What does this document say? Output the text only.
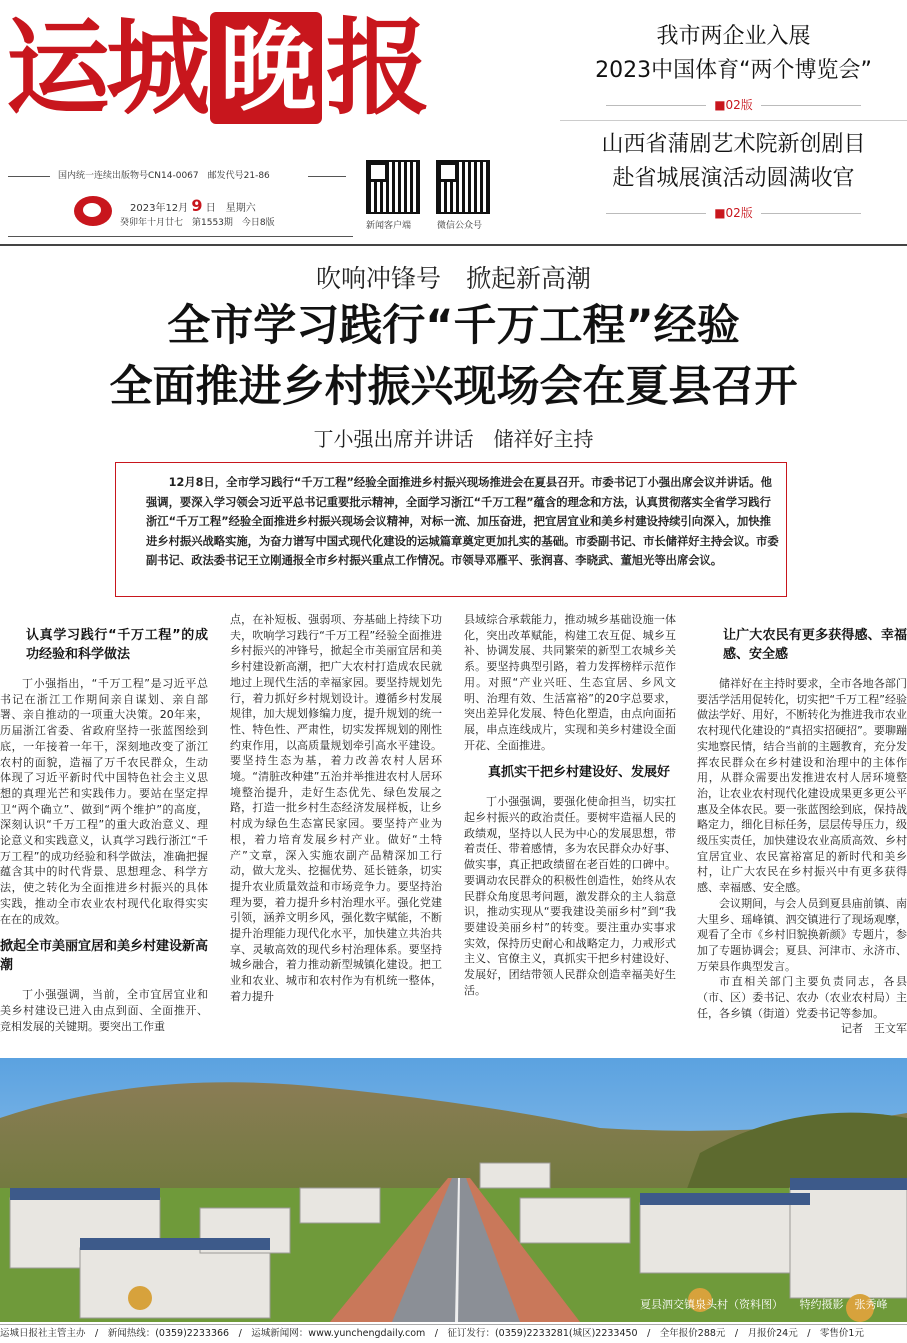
运 城 晚 报
国内统一连续出版物号CN14-0067　邮发代号21-86
2023年12月 9 日　星期六
癸卯年十月廿七　第1553期　今日8版	新闻客户端	微信公众号
我市两企业入展
2023中国体育“两个博览会”
■02版
山西省蒲剧艺术院新创剧目
赴省城展演活动圆满收官
■02版
吹响冲锋号　掀起新高潮
全市学习践行“千万工程”经验
全面推进乡村振兴现场会在夏县召开
丁小强出席并讲话　储祥好主持

12月8日，全市学习践行“千万工程”经验全面推进乡村振兴现场推进会在夏县召开。市委书记丁小强出席会议并讲话。他强调，要深入学习领会习近平总书记重要批示精神，全面学习浙江“千万工程”蕴含的理念和方法，认真贯彻落实全省学习践行浙江“千万工程”经验全面推进乡村振兴现场会议精神，对标一流、加压奋进，把宜居宜业和美乡村建设持续引向深入，加快推进乡村振兴战略实施，为奋力谱写中国式现代化建设的运城篇章奠定更加扎实的基础。市委副书记、市长储祥好主持会议。市委副书记、政法委书记王立刚通报全市乡村振兴重点工作情况。市领导邓雁平、张润喜、李晓武、董旭光等出席会议。

认真学习践行“千万工程”的成功经验和科学做法

丁小强指出，“千万工程”是习近平总书记在浙江工作期间亲自谋划、亲自部署、亲自推动的一项重大决策。20年来，历届浙江省委、省政府坚持一张蓝图绘到底，一年接着一年干，深刻地改变了浙江农村的面貌，造福了万千农民群众，生动体现了习近平新时代中国特色社会主义思想的真理光芒和实践伟力。要站在坚定捍卫“两个确立”、做到“两个维护”的高度，深刻认识“千万工程”的重大政治意义、理论意义和实践意义，认真学习践行浙江“千万工程”的成功经验和科学做法，准确把握蕴含其中的时代背景、思想理念、科学方法，使之转化为全面推进乡村振兴的具体实践，推动全市农业农村现代化取得实实在在的成效。

掀起全市美丽宜居和美乡村建设新高潮

丁小强强调，当前，全市宜居宜业和美乡村建设已进入由点到面、全面推开、竞相发展的关键期。要突出工作重

点，在补短板、强弱项、夯基础上持续下功夫，吹响学习践行“千万工程”经验全面推进乡村振兴的冲锋号，掀起全市美丽宜居和美乡村建设新高潮，把广大农村打造成农民就地过上现代生活的幸福家园。要坚持规划先行，着力抓好乡村规划设计。遵循乡村发展规律，加大规划修编力度，提升规划的统一性、特色性、严肃性，切实发挥规划的刚性约束作用，以高质量规划牵引高水平建设。要坚持生态为基，着力改善农村人居环境。“清脏改种建”五治并举推进农村人居环境整治提升，走好生态优先、绿色发展之路，打造一批乡村生态经济发展样板，让乡村成为绿色生态富民家园。要坚持产业为根，着力培育发展乡村产业。做好“土特产”文章，深入实施农副产品精深加工行动，做大龙头、挖掘优势、延长链条，切实提升农业质量效益和市场竞争力。要坚持治理为要，着力提升乡村治理水平。强化党建引领，涵养文明乡风，强化数字赋能，不断提升治理能力现代化水平，加快建立共治共享、灵敏高效的现代乡村治理体系。要坚持城乡融合，着力推动新型城镇化建设。把工业和农业、城市和农村作为有机统一整体，着力提升

县域综合承载能力，推动城乡基础设施一体化，突出改革赋能，构建工农互促、城乡互补、协调发展、共同繁荣的新型工农城乡关系。要坚持典型引路，着力发挥榜样示范作用。对照“产业兴旺、生态宜居、乡风文明、治理有效、生活富裕”的20字总要求，突出差异化发展、特色化塑造，由点向面拓展，串点连线成片，实现和美乡村建设全面开花、全面推进。

真抓实干把乡村建设好、发展好

丁小强强调，要强化使命担当，切实扛起乡村振兴的政治责任。要树牢造福人民的政绩观，坚持以人民为中心的发展思想，带着责任、带着感情，多为农民群众办好事、做实事，真正把政绩留在老百姓的口碑中。要调动农民群众的积极性创造性，始终从农民群众角度思考问题，激发群众的主人翁意识，推动实现从“要我建设美丽乡村”到“我要建设美丽乡村”的转变。要注重办实事求实效，保持历史耐心和战略定力，力戒形式主义、官僚主义，真抓实干把乡村建设好、发展好，团结带领人民群众创造幸福美好生活。

让广大农民有更多获得感、幸福感、安全感

储祥好在主持时要求，全市各地各部门要活学活用促转化，切实把“千万工程”经验做法学好、用好，不断转化为推进我市农业农村现代化建设的“真招实招硬招”。要聊蹦实地察民情，结合当前的主题教育，充分发挥农民群众在乡村建设和治理中的主体作用，从群众需要出发推进农村人居环境整治，让农业农村现代化建设成果更多更公平惠及全体农民。要一张蓝图绘到底，保持战略定力，细化目标任务，层层传导压力，级级压实责任，加快建设农业高质高效、乡村宜居宜业、农民富裕富足的新时代和美乡村，让广大农民在乡村振兴中有更多获得感、幸福感、安全感。

会议期间，与会人员到夏县庙前镇、南大里乡、瑶峰镇、泗交镇进行了现场观摩，观看了全市《乡村旧貌换新颜》专题片，参加了专题协调会；夏县、河津市、永济市、万荣县作典型发言。

市直相关部门主要负责同志，各县（市、区）委书记、农办（农业农村局）主任，各乡镇（街道）党委书记等参加。

记者　王文军
夏县泗交镇泉头村（资料图）　　特约摄影　张秀峰
运城日报社主管主办　/　新闻热线：(0359)2233366　/　运城新闻网：www.yunchengdaily.com　/　征订发行：(0359)2233281(城区)2233450　/　全年报价288元　/　月报价24元　/　零售价1元
